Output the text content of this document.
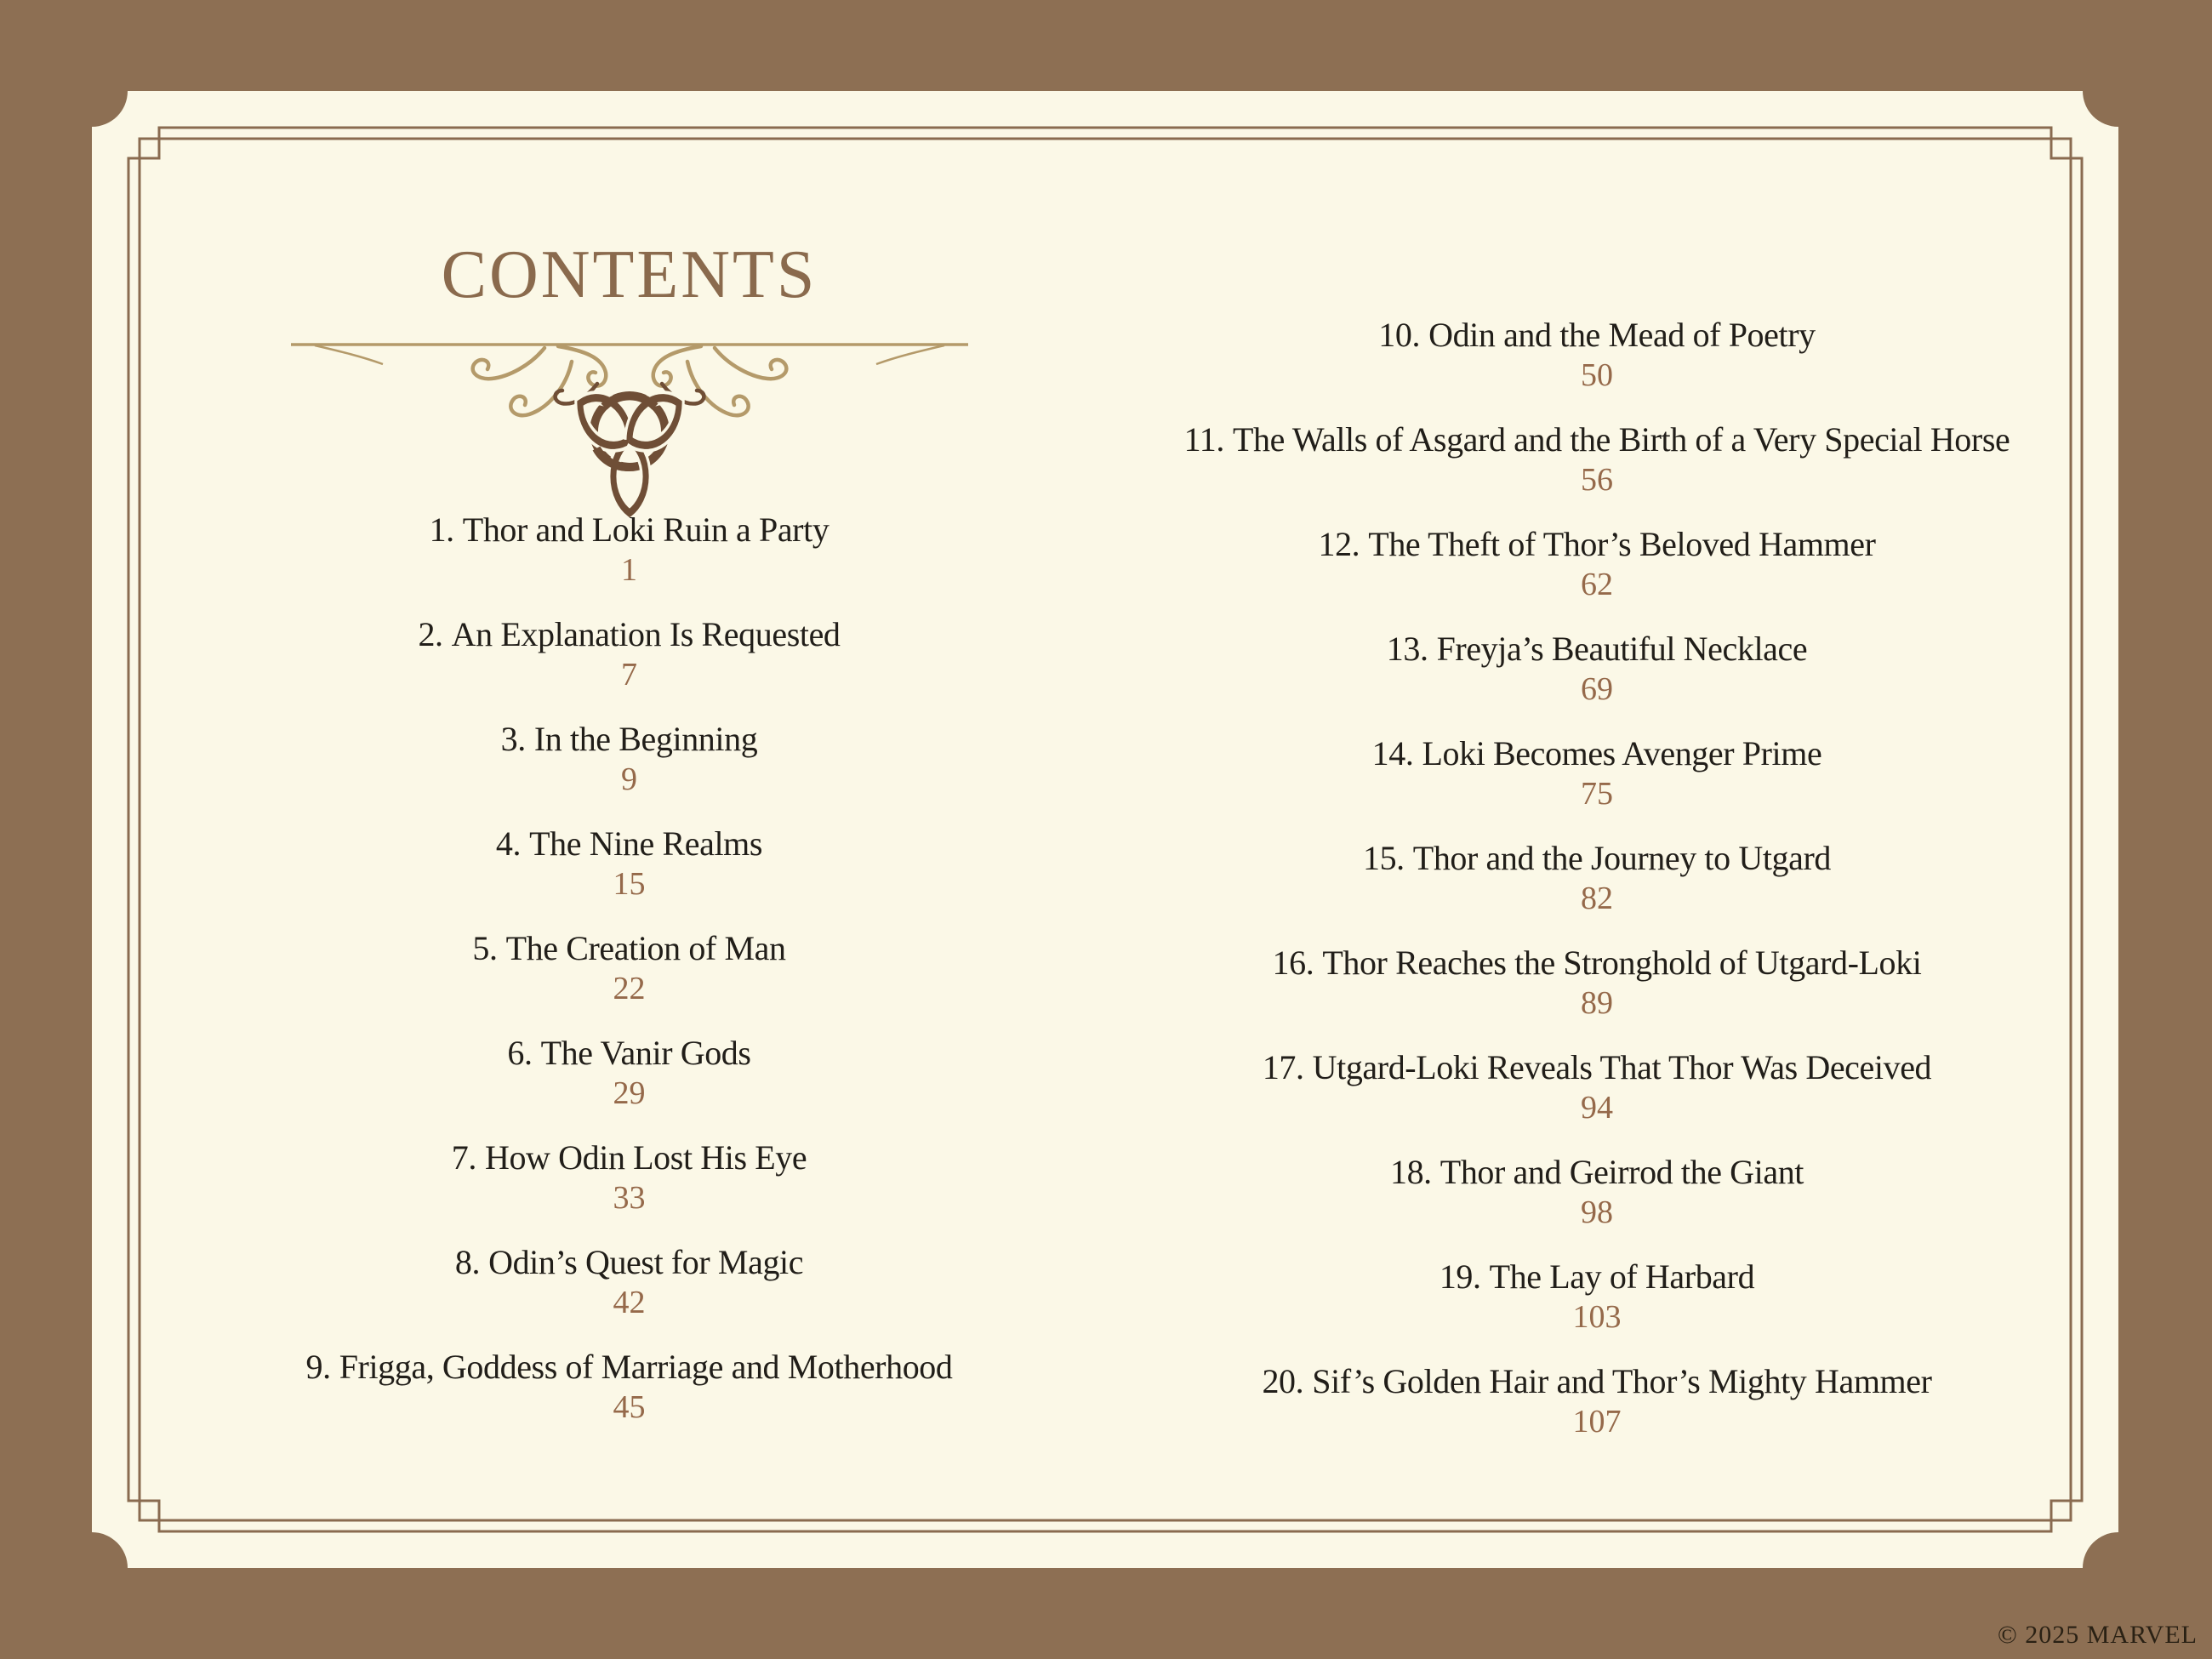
CONTENTS
1. Thor and Loki Ruin a Party
1
2. An Explanation Is Requested
7
3. In the Beginning
9
4. The Nine Realms
15
5. The Creation of Man
22
6. The Vanir Gods
29
7. How Odin Lost His Eye
33
8. Odin’s Quest for Magic
42
9. Frigga, Goddess of Marriage and Motherhood
45
10. Odin and the Mead of Poetry
50
11. The Walls of Asgard and the Birth of a Very Special Horse
56
12. The Theft of Thor’s Beloved Hammer
62
13. Freyja’s Beautiful Necklace
69
14. Loki Becomes Avenger Prime
75
15. Thor and the Journey to Utgard
82
16. Thor Reaches the Stronghold of Utgard-Loki
89
17. Utgard-Loki Reveals That Thor Was Deceived
94
18. Thor and Geirrod the Giant
98
19. The Lay of Harbard
103
20. Sif’s Golden Hair and Thor’s Mighty Hammer
107
© 2025 MARVEL
